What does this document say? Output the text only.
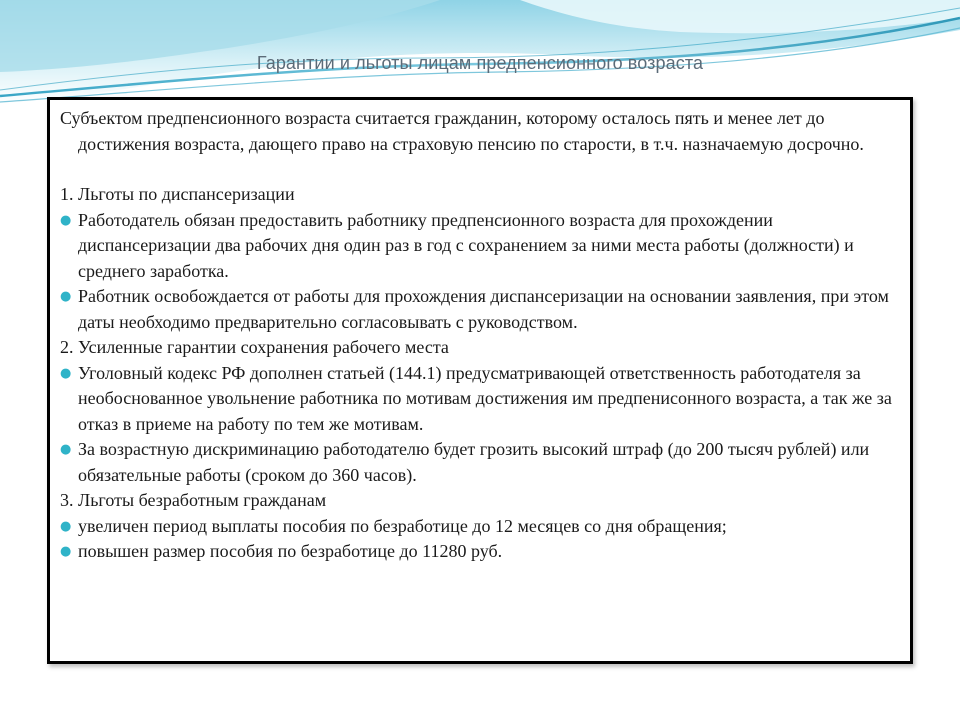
Гарантии и льготы лицам предпенсионного возраста

Субъектом предпенсионного возраста считается гражданин, которому осталось пять и менее лет до достижения возраста, дающего право на страховую пенсию по старости, в т.ч. назначаемую досрочно.

1. Льготы по диспансеризации

● Работодатель обязан предоставить работнику предпенсионного возраста для прохождении диспансеризации два рабочих дня один раз в год с сохранением за ними места работы (должности) и среднего заработка.
● Работник освобождается от работы для прохождения диспансеризации на основании заявления, при этом даты необходимо предварительно согласовывать с руководством.

2. Усиленные гарантии сохранения рабочего места

● Уголовный кодекс РФ дополнен статьей (144.1) предусматривающей ответственность работодателя за необоснованное увольнение работника по мотивам достижения им предпенисонного возраста, а так же за отказ в приеме на работу по тем же мотивам.
● За возрастную дискриминацию работодателю будет грозить высокий штраф (до 200 тысяч рублей) или обязательные работы (сроком до 360 часов).

3. Льготы безработным гражданам

● увеличен период выплаты пособия по безработице до 12 месяцев со дня обращения;
● повышен размер пособия по безработице до 11280 руб.
